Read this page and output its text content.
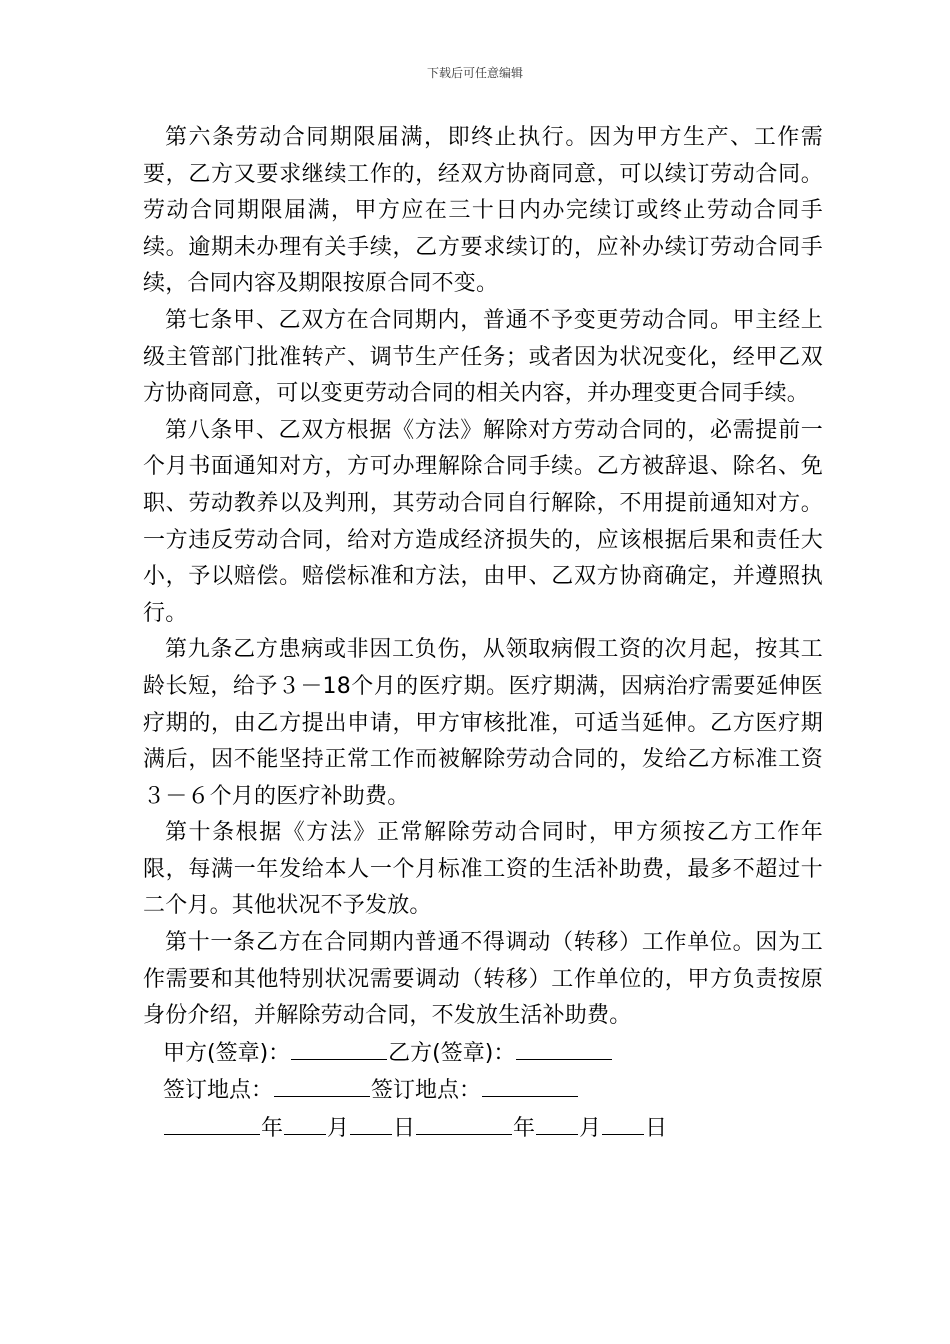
下载后可任意编辑

第六条劳动合同期限届满，即终止执行。因为甲方生产、工作需要，乙方又要求继续工作的，经双方协商同意，可以续订劳动合同。劳动合同期限届满，甲方应在三十日内办完续订或终止劳动合同手续。逾期未办理有关手续，乙方要求续订的，应补办续订劳动合同手续，合同内容及期限按原合同不变。

第七条甲、乙双方在合同期内，普通不予变更劳动合同。甲主经上级主管部门批准转产、调节生产任务；或者因为状况变化，经甲乙双方协商同意，可以变更劳动合同的相关内容，并办理变更合同手续。

第八条甲、乙双方根据《方法》解除对方劳动合同的，必需提前一个月书面通知对方，方可办理解除合同手续。乙方被辞退、除名、免职、劳动教养以及判刑，其劳动合同自行解除，不用提前通知对方。一方违反劳动合同，给对方造成经济损失的，应该根据后果和责任大小，予以赔偿。赔偿标准和方法，由甲、乙双方协商确定，并遵照执行。

第九条乙方患病或非因工负伤，从领取病假工资的次月起，按其工龄长短，给予３－18个月的医疗期。医疗期满，因病治疗需要延伸医疗期的，由乙方提出申请，甲方审核批准，可适当延伸。乙方医疗期满后，因不能坚持正常工作而被解除劳动合同的，发给乙方标准工资３－６个月的医疗补助费。

第十条根据《方法》正常解除劳动合同时，甲方须按乙方工作年限，每满一年发给本人一个月标准工资的生活补助费，最多不超过十二个月。其他状况不予发放。

第十一条乙方在合同期内普通不得调动（转移）工作单位。因为工作需要和其他特别状况需要调动（转移）工作单位的，甲方负责按原身份介绍，并解除劳动合同，不发放生活补助费。

甲方(签章)：	乙方(签章)：
签订地点：	签订地点：
年 月 日	年 月 日
